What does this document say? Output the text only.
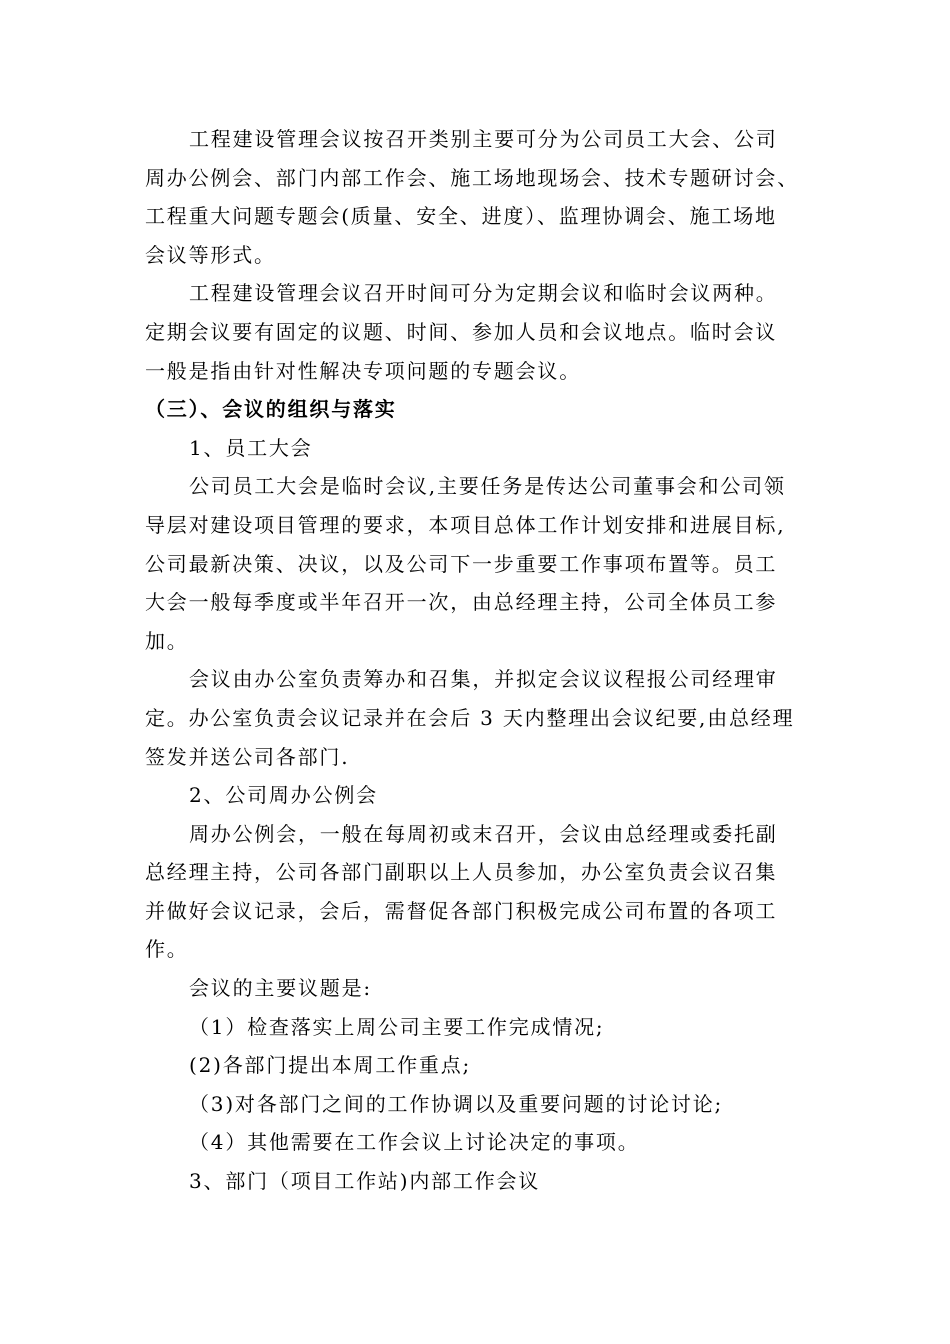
工程建设管理会议按召开类别主要可分为公司员工大会、公司
周办公例会、部门内部工作会、施工场地现场会、技术专题研讨会、
工程重大问题专题会(质量、安全、进度）、监理协调会、施工场地
会议等形式。
工程建设管理会议召开时间可分为定期会议和临时会议两种。
定期会议要有固定的议题、时间、参加人员和会议地点。临时会议
一般是指由针对性解决专项问题的专题会议。
（三）、会议的组织与落实
1、员工大会
公司员工大会是临时会议,主要任务是传达公司董事会和公司领
导层对建设项目管理的要求，本项目总体工作计划安排和进展目标,
公司最新决策、决议，以及公司下一步重要工作事项布置等。员工
大会一般每季度或半年召开一次，由总经理主持，公司全体员工参
加。
会议由办公室负责筹办和召集，并拟定会议议程报公司经理审
定。办公室负责会议记录并在会后 3 天内整理出会议纪要,由总经理
签发并送公司各部门.
2、公司周办公例会
周办公例会，一般在每周初或末召开，会议由总经理或委托副
总经理主持，公司各部门副职以上人员参加，办公室负责会议召集
并做好会议记录，会后，需督促各部门积极完成公司布置的各项工
作。
会议的主要议题是:
（1）检查落实上周公司主要工作完成情况;
(2)各部门提出本周工作重点;
（3)对各部门之间的工作协调以及重要问题的讨论讨论;
（4）其他需要在工作会议上讨论决定的事项。
3、部门（项目工作站)内部工作会议
